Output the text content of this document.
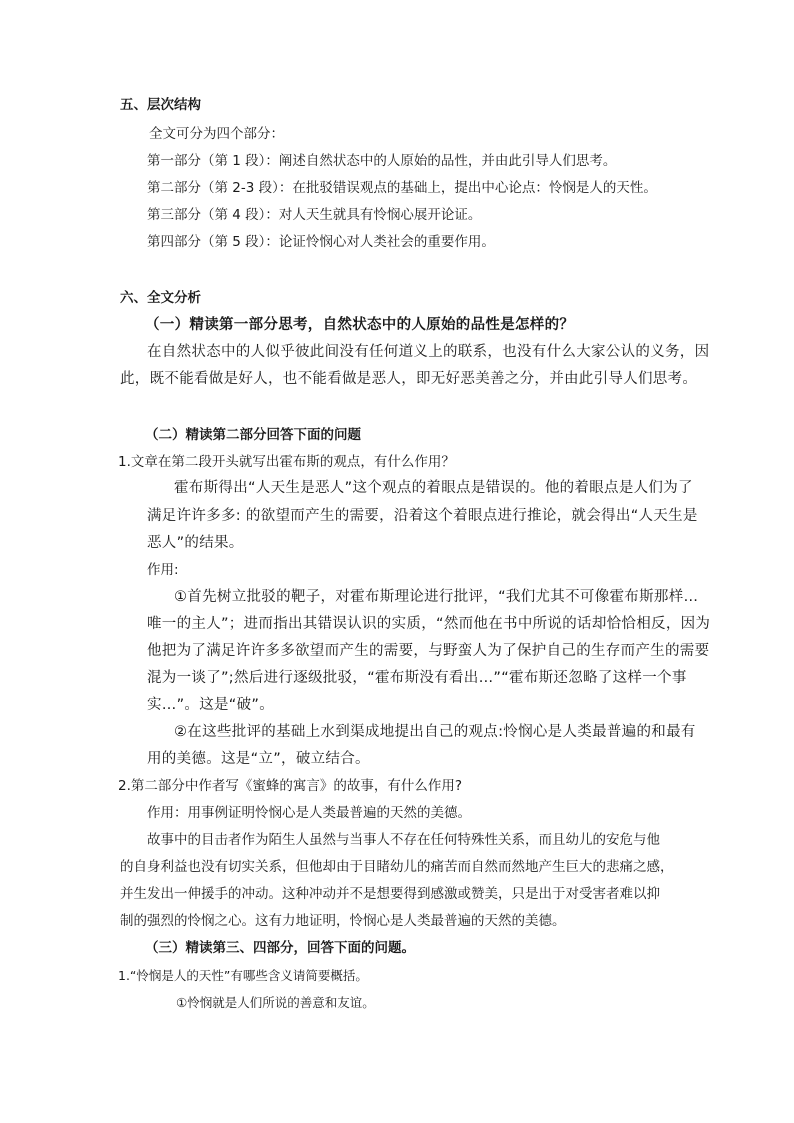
五、层次结构
全文可分为四个部分：
第一部分（第 1 段）：阐述自然状态中的人原始的品性，并由此引导人们思考。
第二部分（第 2-3 段）：在批驳错误观点的基础上，提出中心论点：怜悯是人的天性。
第三部分（第 4 段）：对人天生就具有怜悯心展开论证。
第四部分（第 5 段）：论证怜悯心对人类社会的重要作用。
六、全文分析
（一）精读第一部分思考，自然状态中的人原始的品性是怎样的？
在自然状态中的人似乎彼此间没有任何道义上的联系，也没有什么大家公认的义务，因
此，既不能看做是好人，也不能看做是恶人，即无好恶美善之分，并由此引导人们思考。
（二）精读第二部分回答下面的问题
1.文章在第二段开头就写出霍布斯的观点，有什么作用？
霍布斯得出“人天生是恶人”这个观点的着眼点是错误的。他的着眼点是人们为了
满足许许多多: 的欲望而产生的需要，沿着这个着眼点进行推论，就会得出“人天生是
恶人”的结果。
作用:
①首先树立批驳的靶子，对霍布斯理论进行批评，“我们尤其不可像霍布斯那样…
唯一的主人”；进而指出其错误认识的实质，“然而他在书中所说的话却恰恰相反，因为
他把为了满足许许多多欲望而产生的需要，与野蛮人为了保护自己的生存而产生的需要
混为一谈了”;然后进行逐级批驳，“霍布斯没有看出…”“霍布斯还忽略了这样一个事
实…”。这是“破”。
②在这些批评的基础上水到渠成地提出自己的观点:怜悯心是人类最普遍的和最有
用的美德。这是“立”，破立结合。
2.第二部分中作者写《蜜蜂的寓言》的故事，有什么作用?
作用：用事例证明怜悯心是人类最普遍的天然的美德。
故事中的目击者作为陌生人虽然与当事人不存在任何特殊性关系，而且幼儿的安危与他
的自身利益也没有切实关系，但他却由于目睹幼儿的痛苦而自然而然地产生巨大的悲痛之感，
并生发出一伸援手的冲动。这种冲动并不是想要得到感激或赞美，只是出于对受害者难以抑
制的强烈的怜悯之心。这有力地证明，怜悯心是人类最普遍的天然的美德。
（三）精读第三、四部分，回答下面的问题。
1.“怜悯是人的天性”有哪些含义请简要概括。
①怜悯就是人们所说的善意和友谊。
